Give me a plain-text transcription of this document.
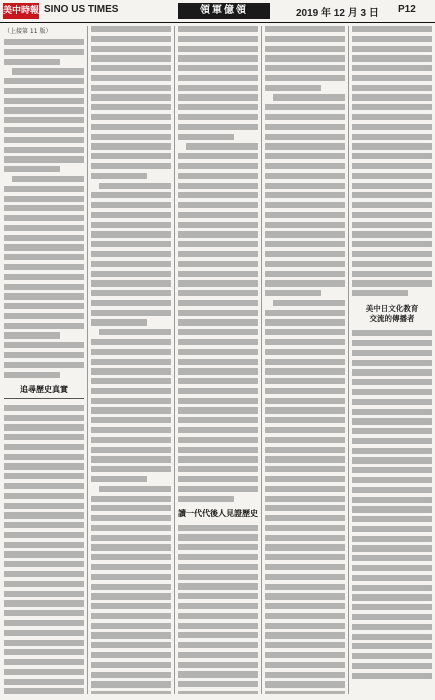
美中時報 SINO US TIMES	領軍億領	2019 年 12 月 3 日 P12
（上接第 11 版）
追尋歷史真實
讀一代代後人見證歷史
美中日文化教育
交流的傳播者
